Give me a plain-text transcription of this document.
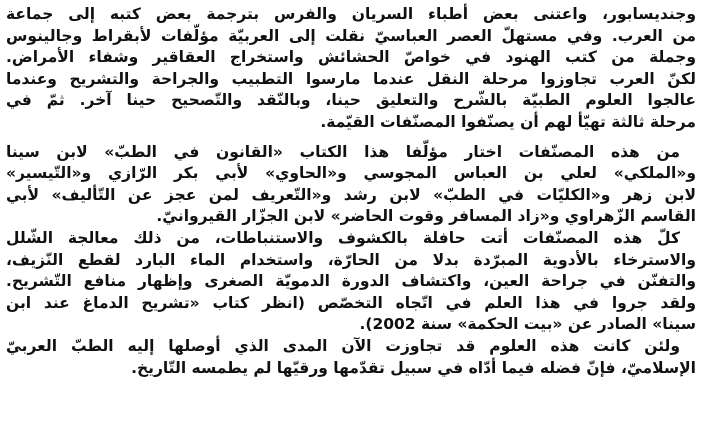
وجنديسابور، واعتنى بعض أطباء السريان والفرس بترجمة بعض كتبه إلى جماعة
من العرب. وفي مستهلّ العصر العباسيّ نقلت إلى العربيّة مؤلّفات لأبقراط وجالينوس
وجملة من كتب الهنود في خواصّ الحشائش واستخراج العقاقير وشفاء الأمراض.
لكنّ العرب تجاوزوا مرحلة النقل عندما مارسوا التطبيب والجراحة والتشريح وعندما
عالجوا العلوم الطبيّة بالشّرح والتعليق حينا، وبالنّقد والتّصحيح حينا آخر. ثمّ في
مرحلة ثالثة تهيّأ لهم أن يصنّفوا المصنّفات القيّمة.
من هذه المصنّفات اختار مؤلّفا هذا الكتاب «القانون في الطبّ» لابن سينا
و«الملكي» لعلي بن العباس المجوسي و«الحاوي» لأبي بكر الرّازي و«التّيسير»
لابن زهر و«الكليّات في الطبّ» لابن رشد و«التّعريف لمن عجز عن التّأليف» لأبي
القاسم الزّهراوي و«زاد المسافر وقوت الحاضر» لابن الجزّار القيروانيّ.
كلّ هذه المصنّفات أتت حافلة بالكشوف والاستنباطات، من ذلك معالجة الشّلل
والاسترخاء بالأدوية المبرّدة بدلا من الحارّة، واستخدام الماء البارد لقطع النّزيف،
والتفنّن في جراحة العين، واكتشاف الدورة الدمويّة الصغرى وإظهار منافع التّشريح.
ولقد جروا في هذا العلم في اتّجاه التخصّص (انظر كتاب «تشريح الدماغ عند ابن
سينا» الصادر عن «بيت الحكمة» سنة 2002).
ولئن كانت هذه العلوم قد تجاوزت الآن المدى الذي أوصلها إليه الطبّ العربيّ
الإسلاميّ، فإنّ فضله فيما أدّاه في سبيل تقدّمها ورقيّها لم يطمسه التّاريخ.
